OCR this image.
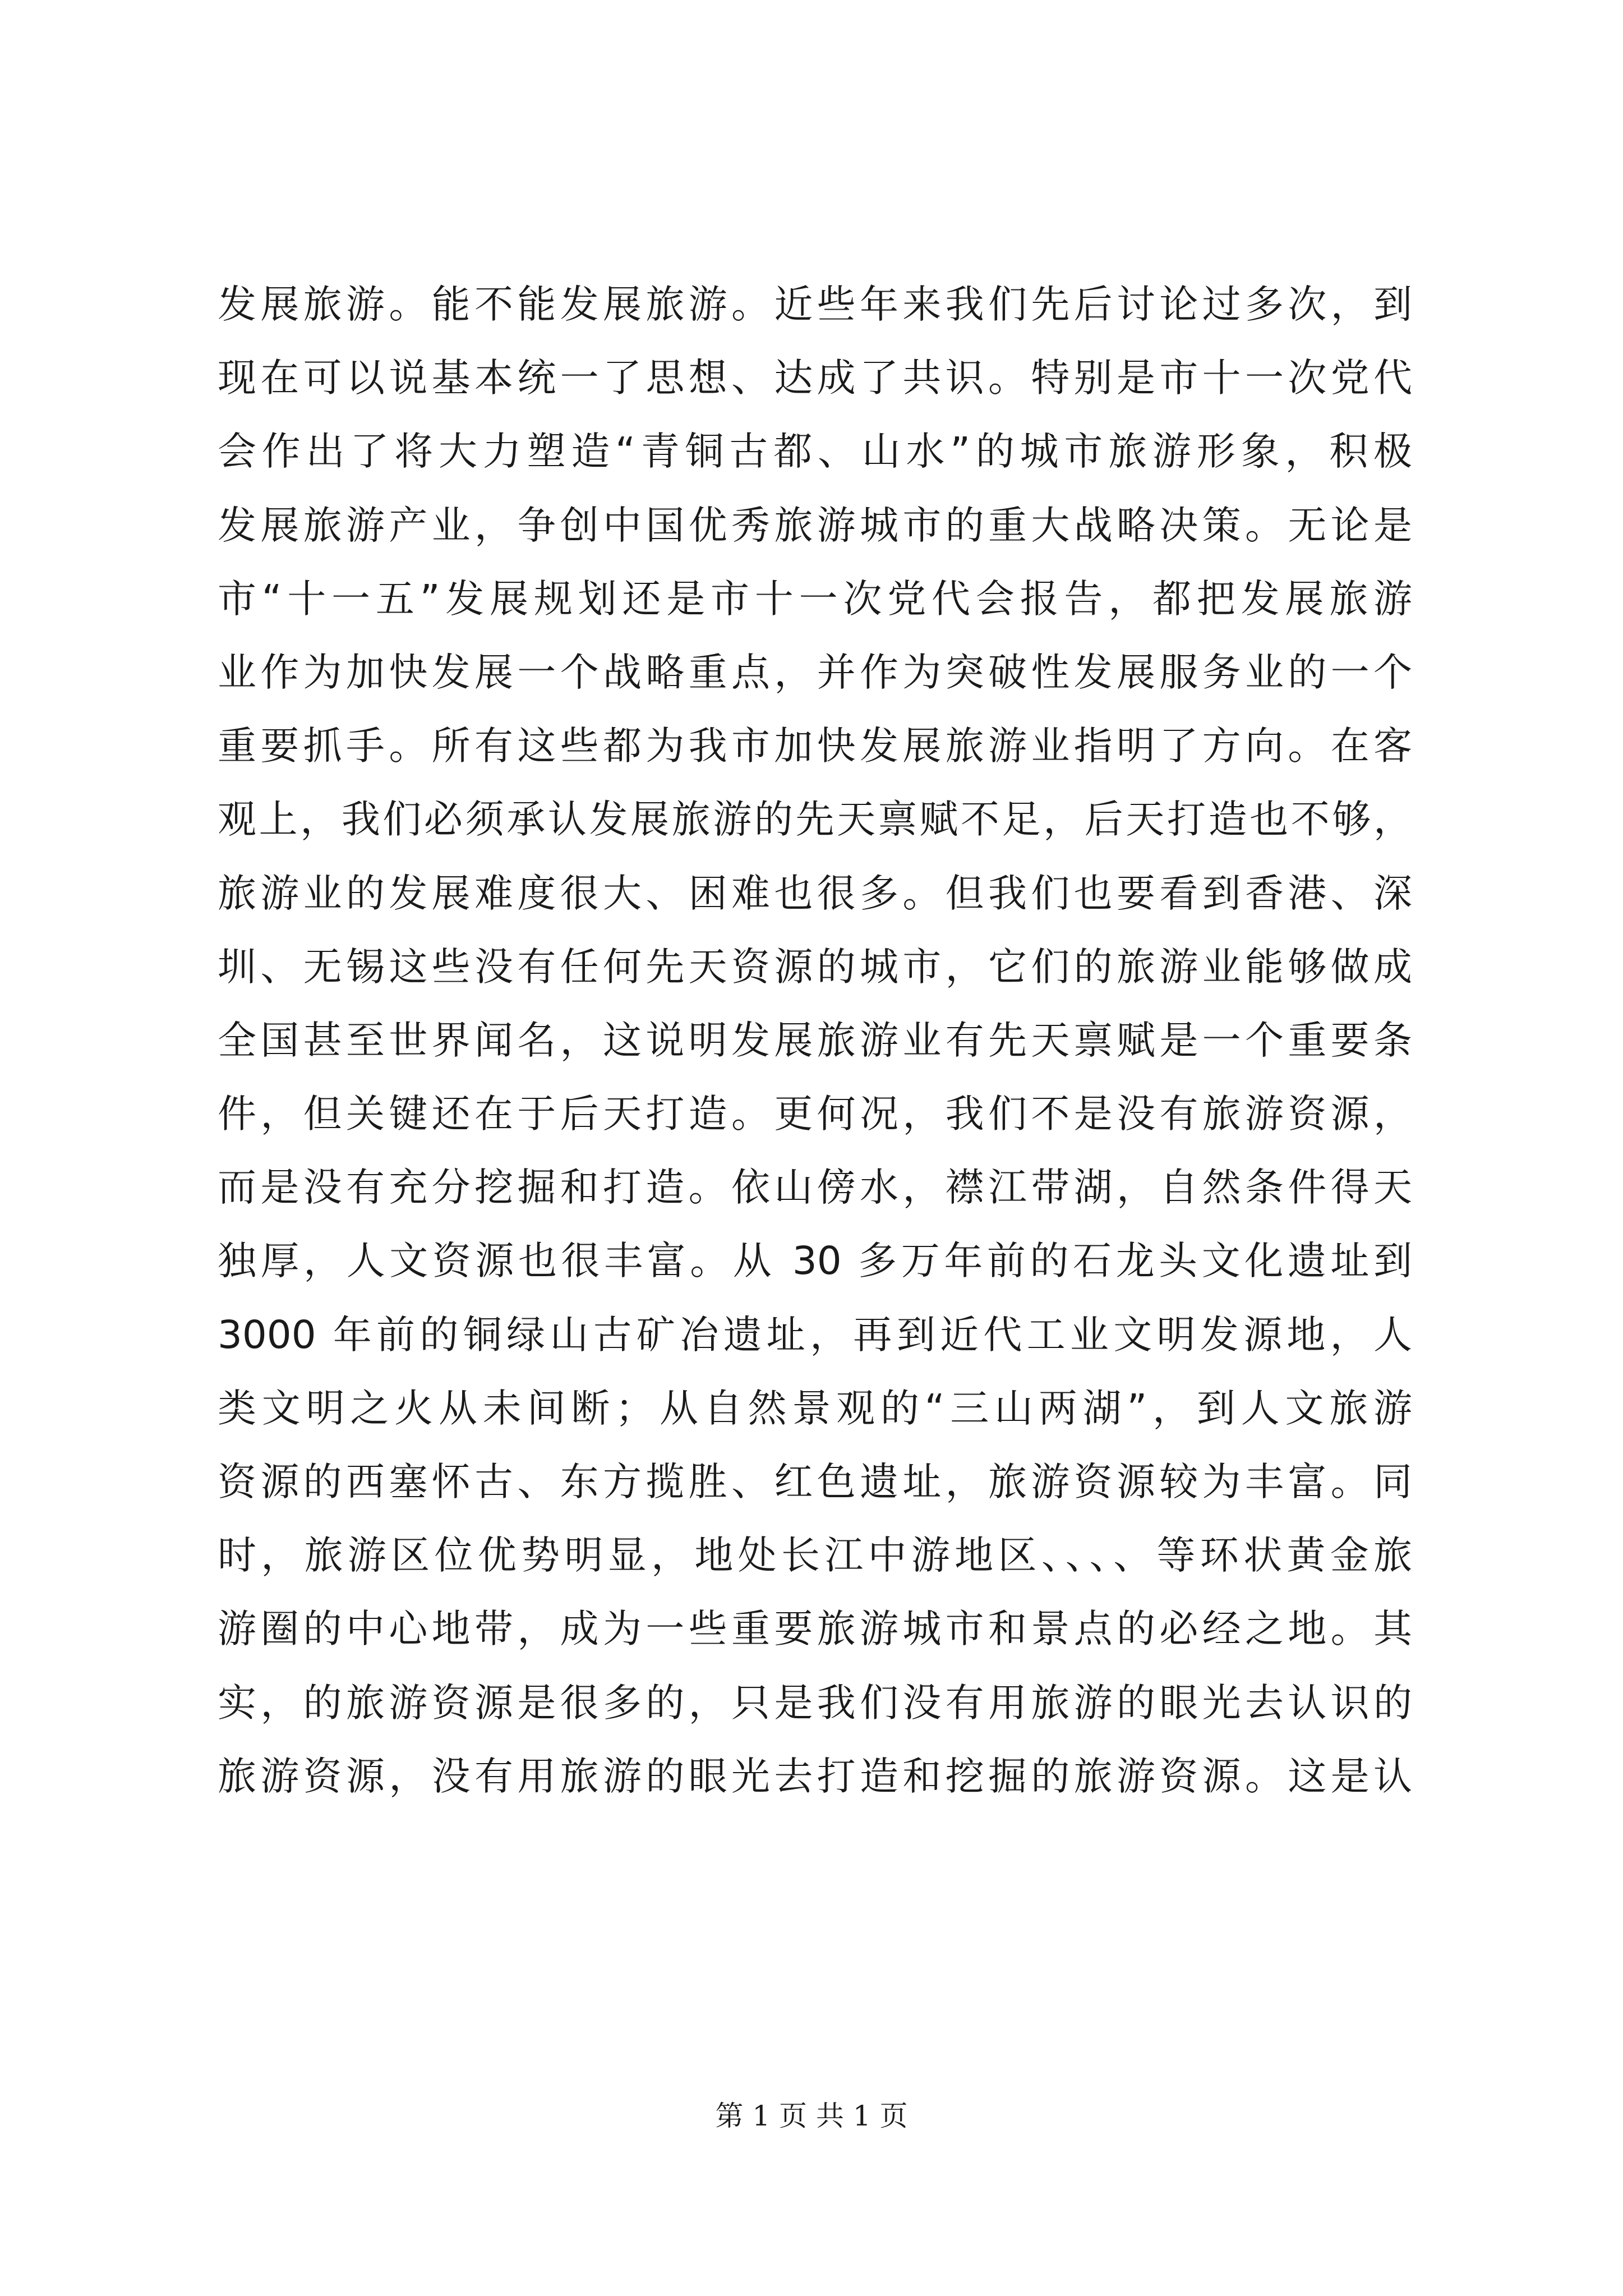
发展旅游。能不能发展旅游。近些年来我们先后讨论过多次，到
现在可以说基本统一了思想、达成了共识。特别是市十一次党代
会作出了将大力塑造“青铜古都、山水”的城市旅游形象，积极
发展旅游产业，争创中国优秀旅游城市的重大战略决策。无论是
市“十一五”发展规划还是市十一次党代会报告，都把发展旅游
业作为加快发展一个战略重点，并作为突破性发展服务业的一个
重要抓手。所有这些都为我市加快发展旅游业指明了方向。在客
观上，我们必须承认发展旅游的先天禀赋不足，后天打造也不够，
旅游业的发展难度很大、困难也很多。但我们也要看到香港、深
圳、无锡这些没有任何先天资源的城市，它们的旅游业能够做成
全国甚至世界闻名，这说明发展旅游业有先天禀赋是一个重要条
件，但关键还在于后天打造。更何况，我们不是没有旅游资源，
而是没有充分挖掘和打造。依山傍水，襟江带湖，自然条件得天
独厚，人文资源也很丰富。从 30 多万年前的石龙头文化遗址到
3000 年前的铜绿山古矿冶遗址，再到近代工业文明发源地，人
类文明之火从未间断；从自然景观的“三山两湖”，到人文旅游
资源的西塞怀古、东方揽胜、红色遗址，旅游资源较为丰富。同
时，旅游区位优势明显，地处长江中游地区、、、、等环状黄金旅
游圈的中心地带，成为一些重要旅游城市和景点的必经之地。其
实，的旅游资源是很多的，只是我们没有用旅游的眼光去认识的
旅游资源，没有用旅游的眼光去打造和挖掘的旅游资源。这是认
第 1 页 共 1 页
